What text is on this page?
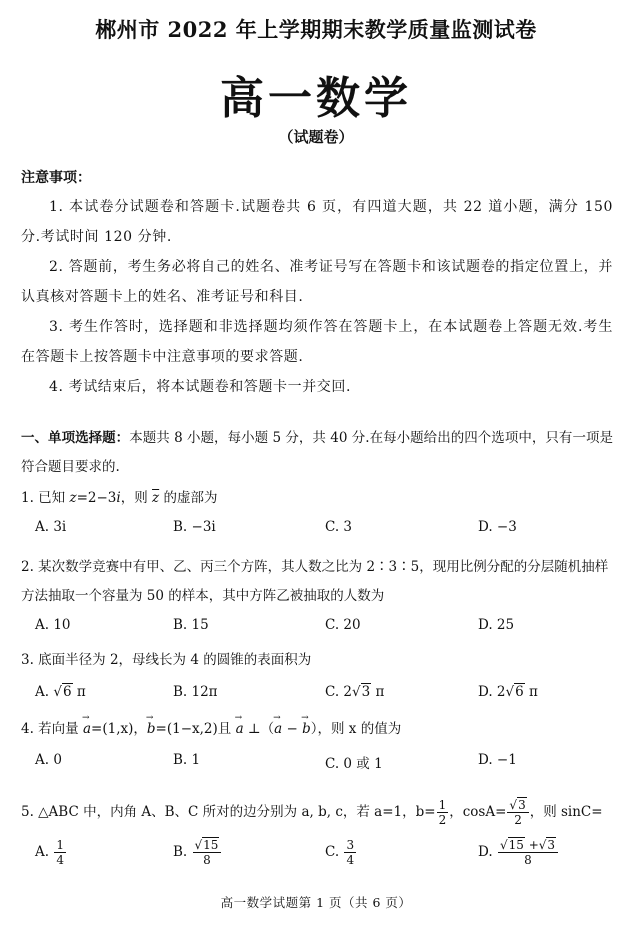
郴州市 2022 年上学期期末教学质量监测试卷
高一数学
（试题卷）
注意事项：
1. 本试卷分试题卷和答题卡.试题卷共 6 页，有四道大题，共 22 道小题，满分 150 分.考试时间 120 分钟.
2. 答题前，考生务必将自己的姓名、准考证号写在答题卡和该试题卷的指定位置上，并认真核对答题卡上的姓名、准考证号和科目.
3. 考生作答时，选择题和非选择题均须作答在答题卡上，在本试题卷上答题无效.考生在答题卡上按答题卡中注意事项的要求答题.
4. 考试结束后，将本试题卷和答题卡一并交回.
一、单项选择题：本题共 8 小题，每小题 5 分，共 40 分.在每小题给出的四个选项中，只有一项是符合题目要求的.
1. 已知 z=2−3i，则 $\overline{z}$ 的虚部为
A. 3i	B. −3i	C. 3	D. −3
2. 某次数学竞赛中有甲、乙、丙三个方阵，其人数之比为 2∶3∶5，现用比例分配的分层随机抽样方法抽取一个容量为 50 的样本，其中方阵乙被抽取的人数为
A. 10	B. 15	C. 20	D. 25
3. 底面半径为 2，母线长为 4 的圆锥的表面积为
A. √6 π	B. 12π	C. 2√3 π	D. 2√6 π
4. 若向量 → a=(1,x)，→ b=(1−x,2)且 → a ⊥（→ a − → b），则 x 的值为
A. 0	B. 1	C. 0 或 1	D. −1
5. △ABC 中，内角 A、B、C 所对的边分别为 a, b, c，若 a=1，$b= \frac{1}{2}$ ，$\cos A= \frac{√3}{2}$ ，则 sinC=
A. $\frac{1}{4}$	B. $\frac{√15}{8}$	C. $\frac{3}{4}$	D. $\frac{√15 +√3}{8}$
高一数学试题第 1 页（共 6 页）
